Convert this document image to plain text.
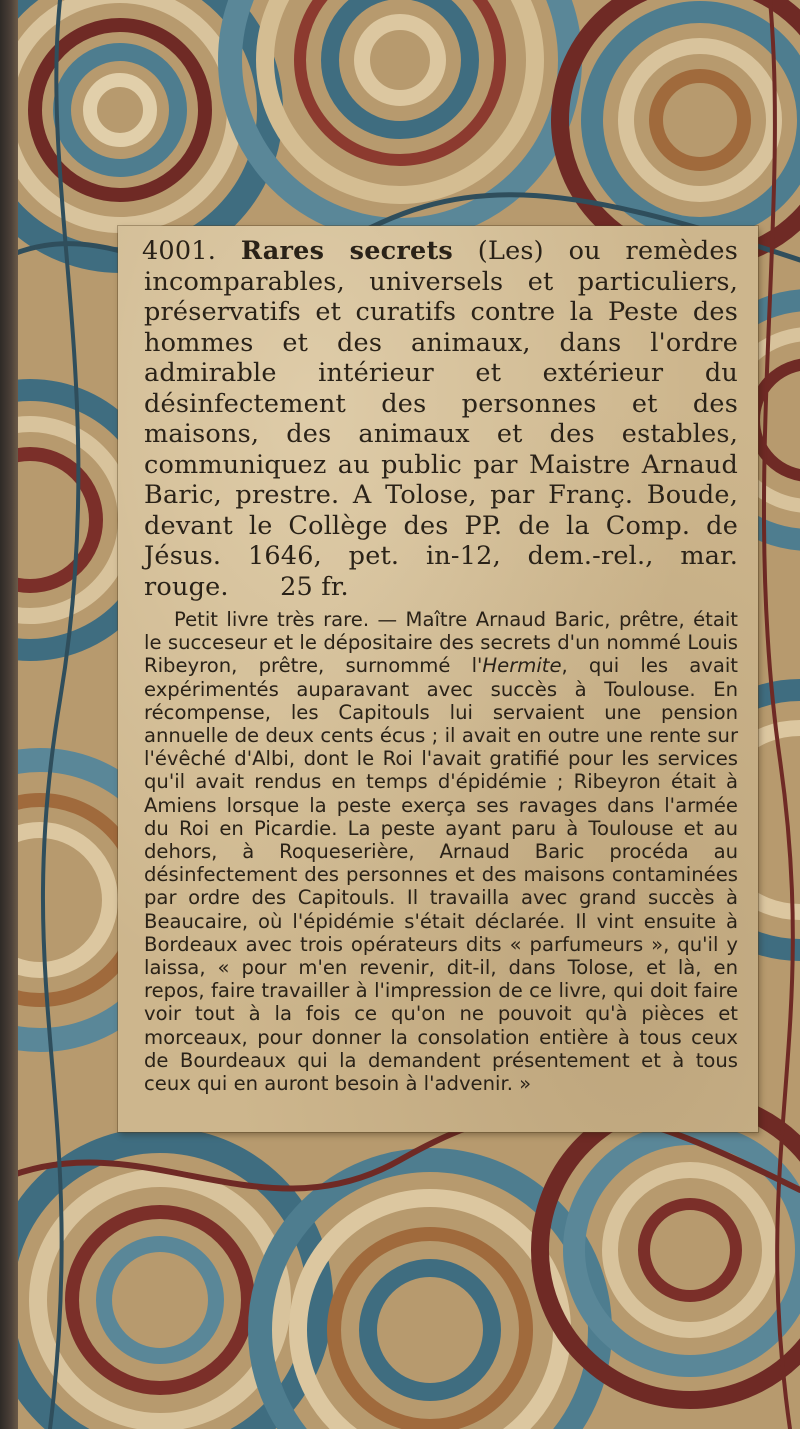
4001. Rares secrets (Les) ou remèdes incomparables, universels et particuliers, préservatifs et curatifs contre la Peste des hommes et des animaux, dans l'ordre admirable intérieur et extérieur du désinfectement des personnes et des maisons, des animaux et des estables, communiquez au public par Maistre Arnaud Baric, prestre. A Tolose, par Franç. Boude, devant le Collège des PP. de la Comp. de Jésus. 1646, pet. in-12, dem.-rel., mar. rouge.   25 fr.

Petit livre très rare. — Maître Arnaud Baric, prêtre, était le succeseur et le dépositaire des secrets d'un nommé Louis Ribeyron, prêtre, surnommé l'Hermite, qui les avait expérimentés auparavant avec succès à Toulouse. En récompense, les Capitouls lui servaient une pension annuelle de deux cents écus ; il avait en outre une rente sur l'évêché d'Albi, dont le Roi l'avait gratifié pour les services qu'il avait rendus en temps d'épidémie ; Ribeyron était à Amiens lorsque la peste exerça ses ravages dans l'armée du Roi en Picardie. La peste ayant paru à Toulouse et au dehors, à Roqueserière, Arnaud Baric procéda au désinfectement des personnes et des maisons contaminées par ordre des Capitouls. Il travailla avec grand succès à Beaucaire, où l'épidémie s'était déclarée. Il vint ensuite à Bordeaux avec trois opérateurs dits « parfumeurs », qu'il y laissa, « pour m'en revenir, dit-il, dans Tolose, et là, en repos, faire travailler à l'impression de ce livre, qui doit faire voir tout à la fois ce qu'on ne pouvoit qu'à pièces et morceaux, pour donner la consolation entière à tous ceux de Bourdeaux qui la demandent présentement et à tous ceux qui en auront besoin à l'advenir. »
